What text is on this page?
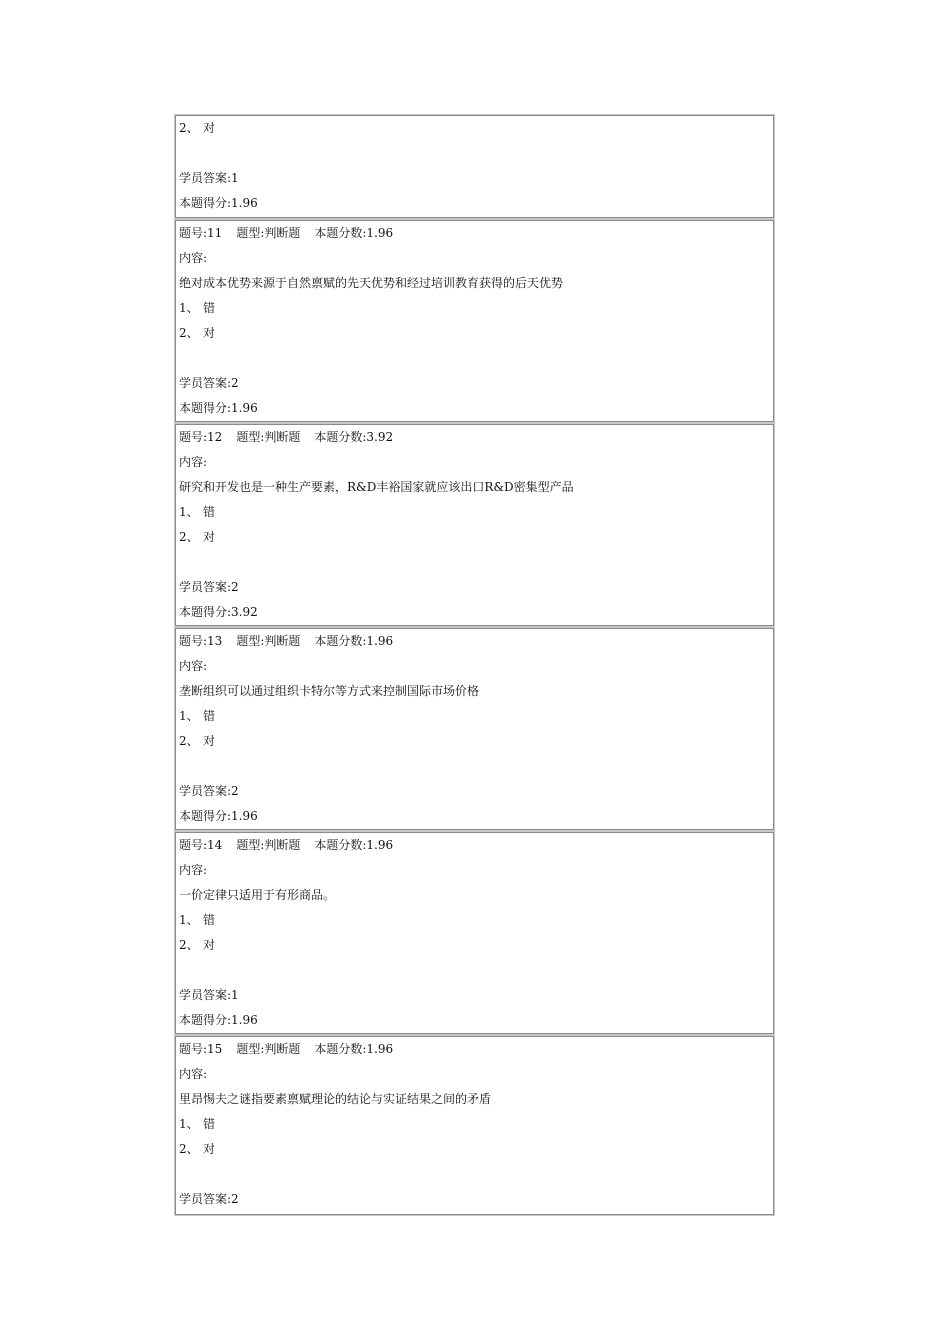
2、 对
学员答案:1
本题得分:1.96
题号:11 题型:判断题 本题分数:1.96
内容:
绝对成本优势来源于自然禀赋的先天优势和经过培训教育获得的后天优势
1、 错
2、 对
学员答案:2
本题得分:1.96
题号:12 题型:判断题 本题分数:3.92
内容:
研究和开发也是一种生产要素，R&D丰裕国家就应该出口R&D密集型产品
1、 错
2、 对
学员答案:2
本题得分:3.92
题号:13 题型:判断题 本题分数:1.96
内容:
垄断组织可以通过组织卡特尔等方式来控制国际市场价格
1、 错
2、 对
学员答案:2
本题得分:1.96
题号:14 题型:判断题 本题分数:1.96
内容:
一价定律只适用于有形商品。
1、 错
2、 对
学员答案:1
本题得分:1.96
题号:15 题型:判断题 本题分数:1.96
内容:
里昂惕夫之谜指要素禀赋理论的结论与实证结果之间的矛盾
1、 错
2、 对
学员答案:2
